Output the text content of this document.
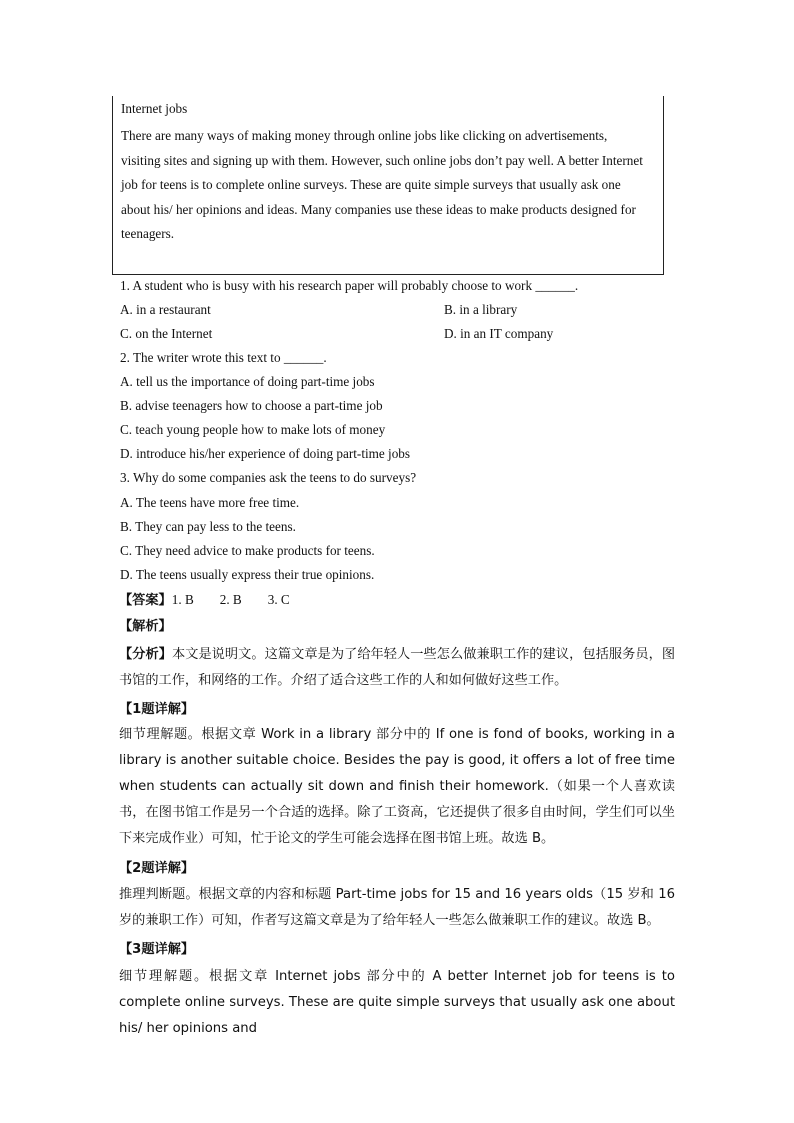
Internet jobs
There are many ways of making money through online jobs like clicking on advertisements, visiting sites and signing up with them. However, such online jobs don’t pay well. A better Internet job for teens is to complete online surveys. These are quite simple surveys that usually ask one about his/ her opinions and ideas. Many companies use these ideas to make products designed for teenagers.
1. A student who is busy with his research paper will probably choose to work ______.
A. in a restaurant	B. in a library
C. on the Internet	D. in an IT company
2. The writer wrote this text to ______.
A. tell us the importance of doing part-time jobs
B. advise teenagers how to choose a part-time job
C. teach young people how to make lots of money
D. introduce his/her experience of doing part-time jobs
3. Why do some companies ask the teens to do surveys?
A. The teens have more free time.
B. They can pay less to the teens.
C. They need advice to make products for teens.
D. The teens usually express their true opinions.
【答案】1. B 2. B 3. C
【解析】
【分析】本文是说明文。这篇文章是为了给年轻人一些怎么做兼职工作的建议，包括服务员，图书馆的工作，和网络的工作。介绍了适合这些工作的人和如何做好这些工作。
【1题详解】
细节理解题。根据文章 Work in a library 部分中的 If one is fond of books, working in a library is another suitable choice. Besides the pay is good, it offers a lot of free time when students can actually sit down and finish their homework.（如果一个人喜欢读书，在图书馆工作是另一个合适的选择。除了工资高，它还提供了很多自由时间，学生们可以坐下来完成作业）可知，忙于论文的学生可能会选择在图书馆上班。故选 B。
【2题详解】
推理判断题。根据文章的内容和标题 Part-time jobs for 15 and 16 years olds（15 岁和 16 岁的兼职工作）可知，作者写这篇文章是为了给年轻人一些怎么做兼职工作的建议。故选 B。
【3题详解】
细节理解题。根据文章 Internet jobs 部分中的 A better Internet job for teens is to complete online surveys. These are quite simple surveys that usually ask one about his/ her opinions and
